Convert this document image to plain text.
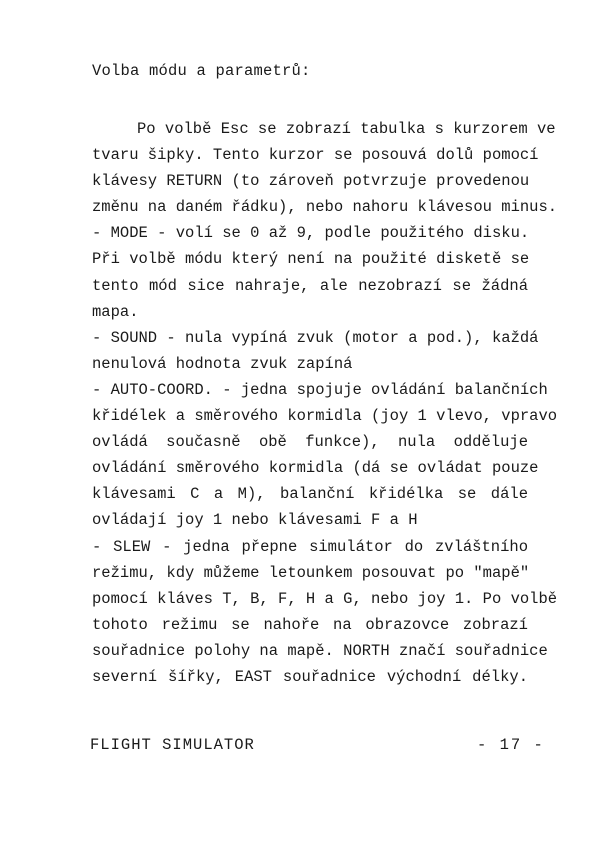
Volba módu a parametrů:
Po volbě Esc se zobrazí tabulka s kurzorem ve
tvaru šipky. Tento kurzor se posouvá dolů pomocí
klávesy RETURN (to zároveň potvrzuje provedenou
změnu na daném řádku), nebo nahoru klávesou minus.
- MODE - volí se 0 až 9, podle použitého disku.
Při volbě módu který není na použité disketě se
tento mód sice nahraje, ale nezobrazí se žádná
mapa.
- SOUND - nula vypíná zvuk (motor a pod.), každá
nenulová hodnota zvuk zapíná
- AUTO-COORD. - jedna spojuje ovládání balančních
křidélek a směrového kormidla (joy 1 vlevo, vpravo
ovládá současně obě funkce), nula odděluje
ovládání směrového kormidla (dá se ovládat pouze
klávesami C a M), balanční křidélka se dále
ovládají joy 1 nebo klávesami F a H
- SLEW - jedna přepne simulátor do zvláštního
režimu, kdy můžeme letounkem posouvat po "mapě"
pomocí kláves T, B, F, H a G, nebo joy 1. Po volbě
tohoto režimu se nahoře na obrazovce zobrazí
souřadnice polohy na mapě. NORTH značí souřadnice
severní šířky, EAST souřadnice východní délky.
FLIGHT SIMULATOR	- 17 -
